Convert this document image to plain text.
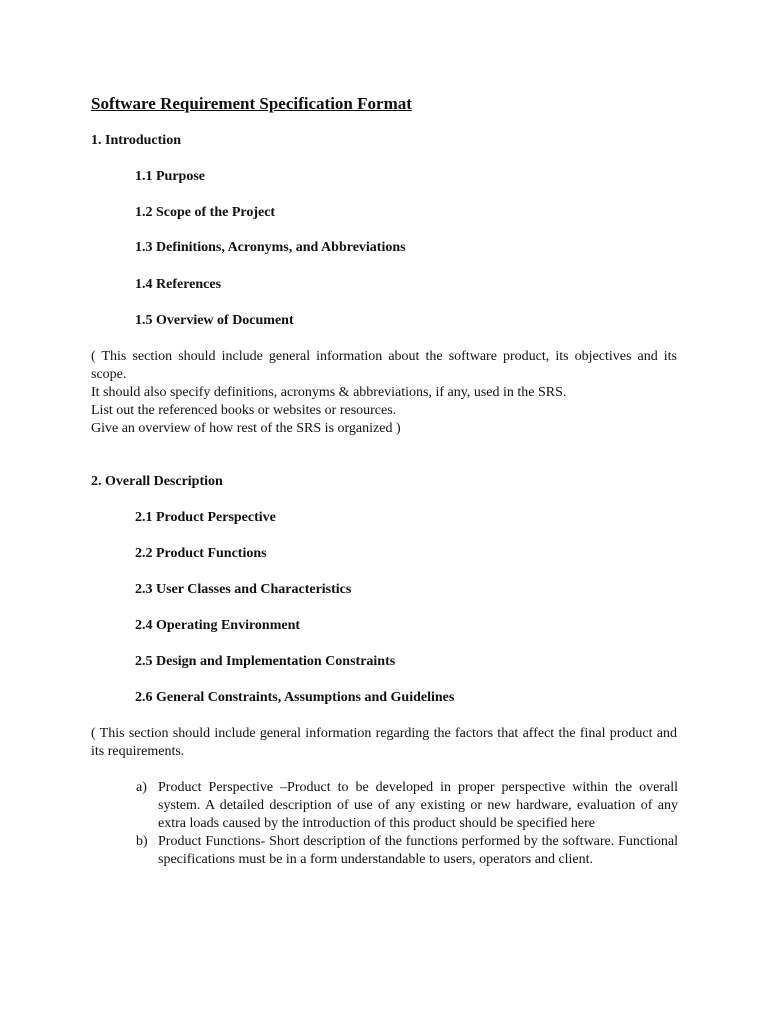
Software Requirement Specification Format
1. Introduction
1.1 Purpose
1.2 Scope of the Project
1.3 Definitions, Acronyms, and Abbreviations
1.4 References
1.5 Overview of Document
( This section should include general information about the software product, its objectives and its scope.
It should also specify definitions, acronyms & abbreviations, if any, used in the SRS.
List out the referenced books or websites or resources.
Give an overview of how rest of the SRS is organized )
2. Overall Description
2.1 Product Perspective
2.2 Product Functions
2.3 User Classes and Characteristics
2.4 Operating Environment
2.5 Design and Implementation Constraints
2.6 General Constraints, Assumptions and Guidelines
( This section should include general information regarding the factors that affect the final product and its requirements.
a) Product Perspective –Product to be developed in proper perspective within the overall system. A detailed description of use of any existing or new hardware, evaluation of any extra loads caused by the introduction of this product should be specified here
b) Product Functions- Short description of the functions performed by the software. Functional specifications must be in a form understandable to users, operators and client.
